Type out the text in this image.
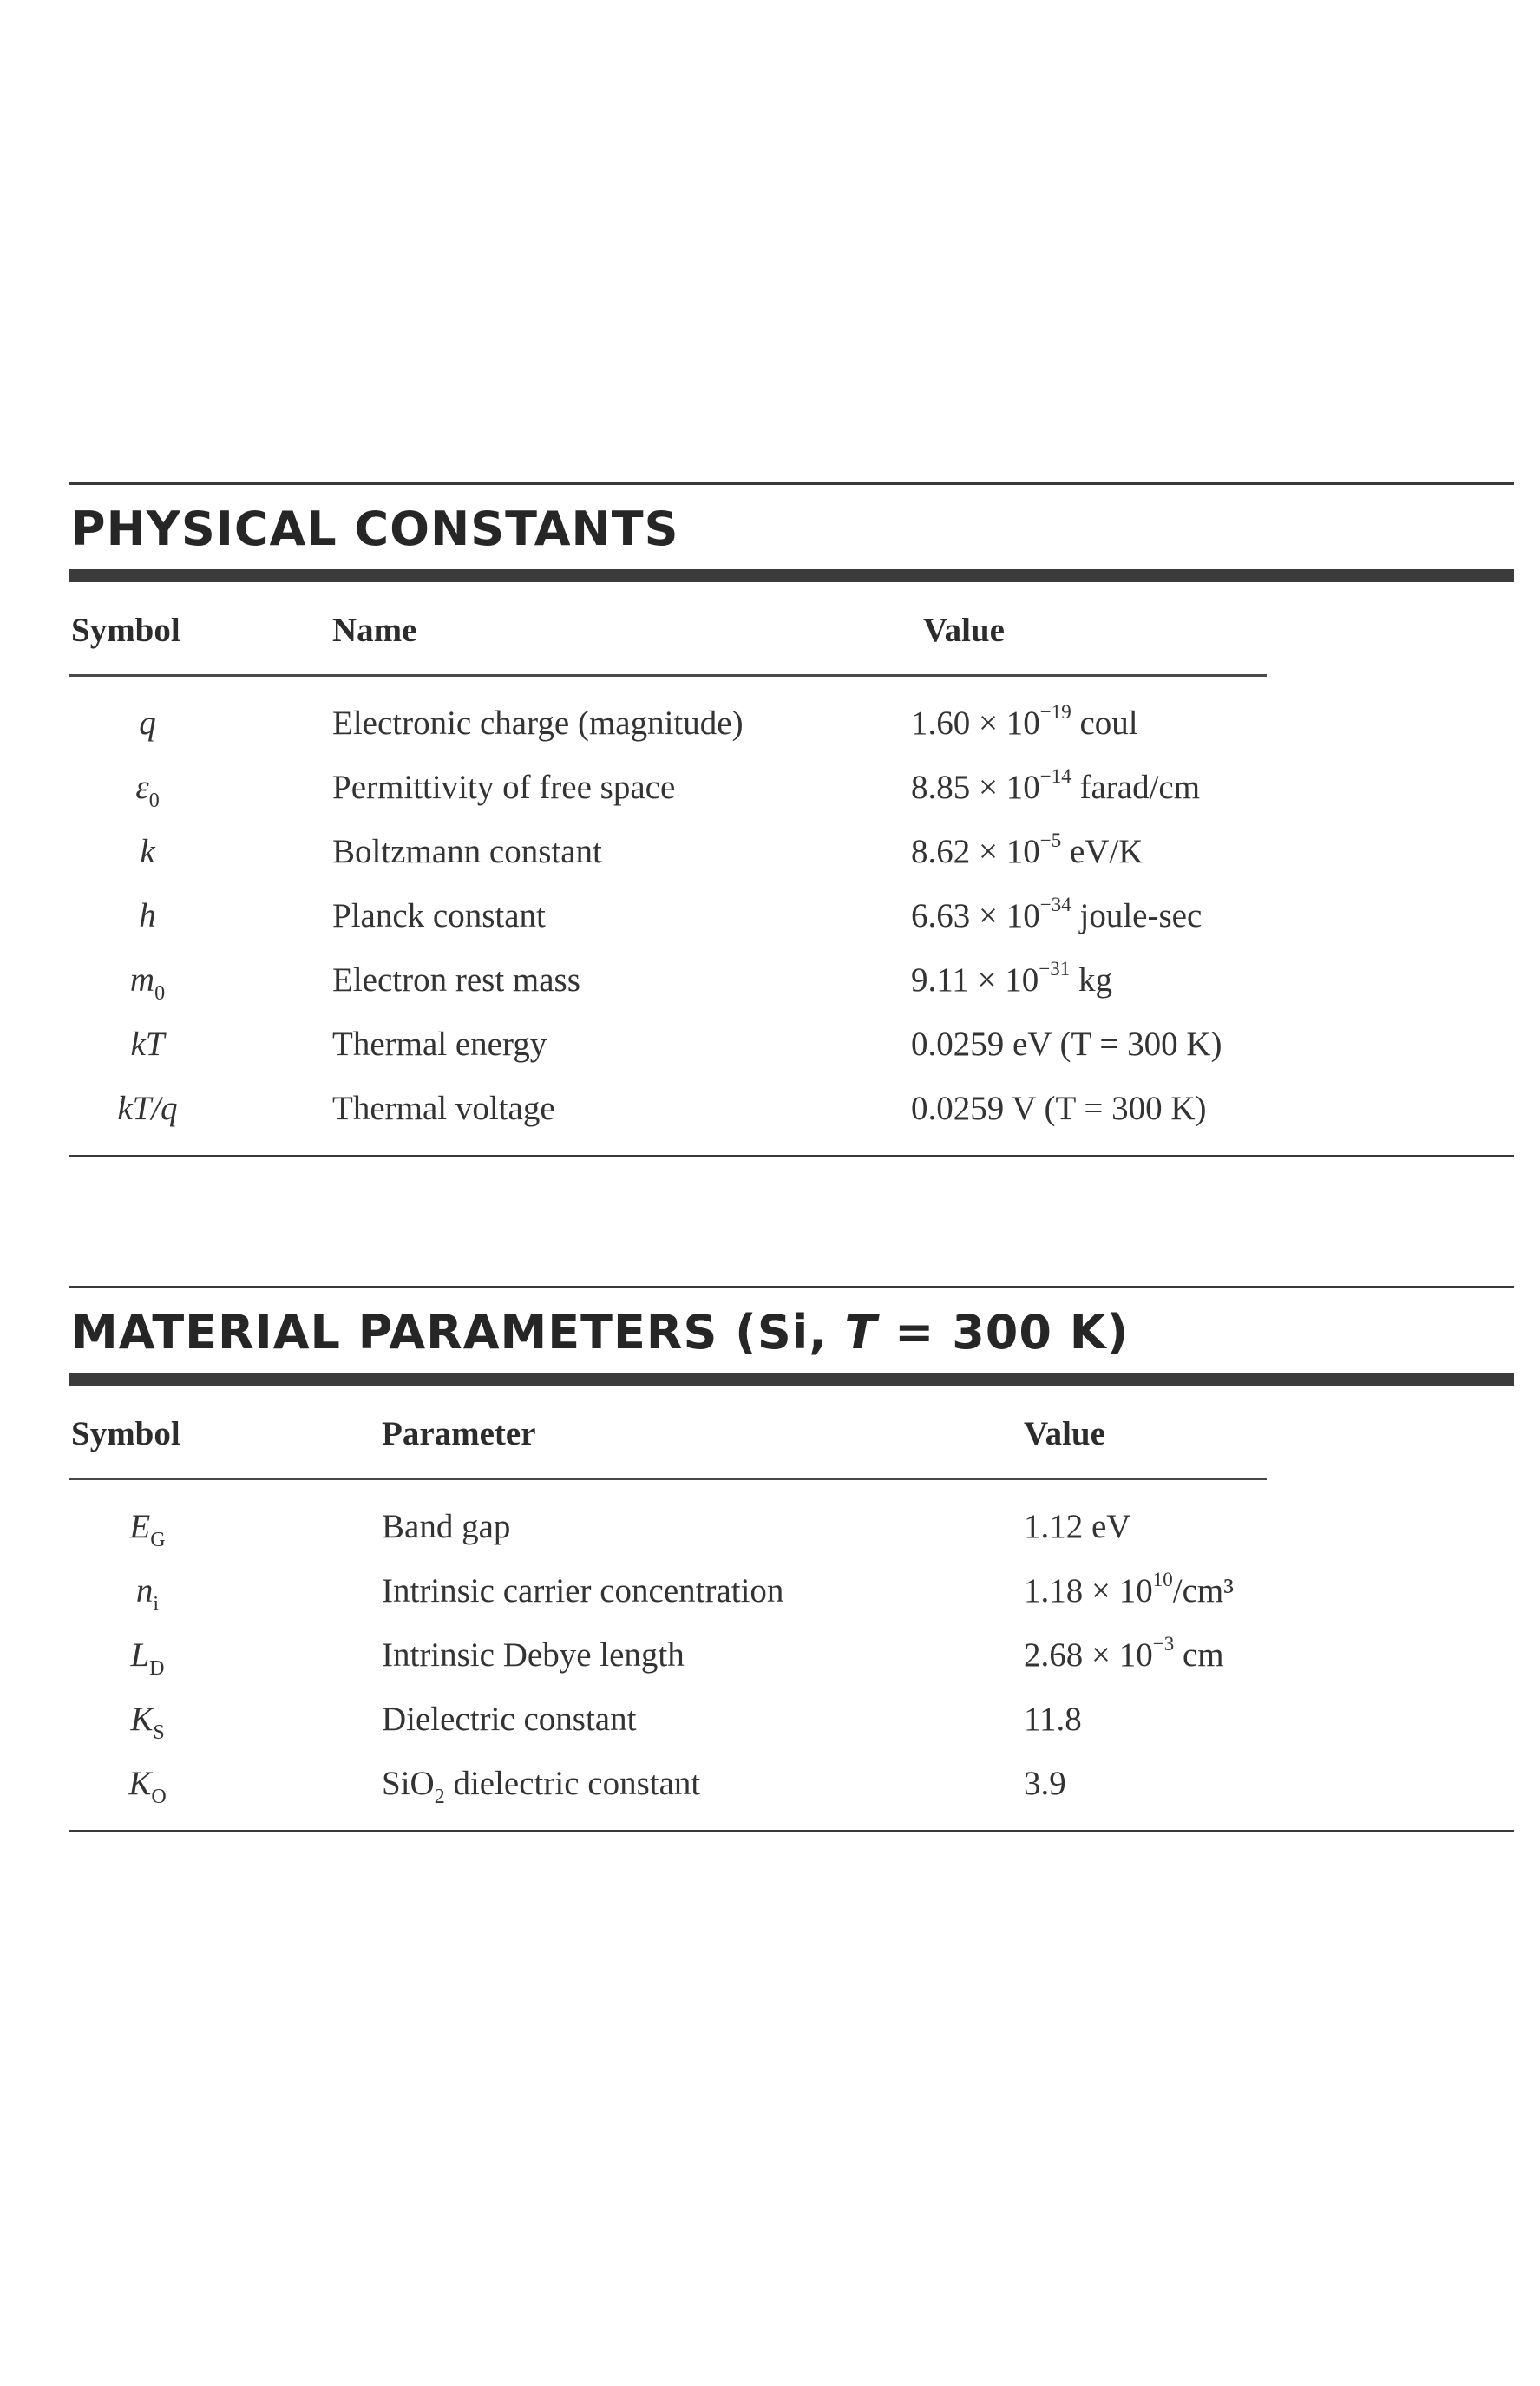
PHYSICAL CONSTANTS
Symbol	Name	Value
q	Electronic charge (magnitude)	$1.60 \times 10^{-19}$ coul
$\varepsilon_0$	Permittivity of free space	$8.85 \times 10^{-14}$ farad/cm
k	Boltzmann constant	$8.62 \times 10^{-5}$ eV/K
h	Planck constant	$6.63 \times 10^{-34}$ joule-sec
$m_0$	Electron rest mass	$9.11 \times 10^{-31}$ kg
kT	Thermal energy	0.0259 eV (T = 300 K)
kT/q	Thermal voltage	0.0259 V (T = 300 K)
MATERIAL PARAMETERS (Si, T = 300 K)
Symbol	Parameter	Value
$E_G$	Band gap	1.12 eV
$n_i$	Intrinsic carrier concentration	$1.18 \times 10^{10}$/cm³
$L_D$	Intrinsic Debye length	$2.68 \times 10^{-3}$ cm
$K_S$	Dielectric constant	11.8
$K_O$	SiO$_2$ dielectric constant	3.9
